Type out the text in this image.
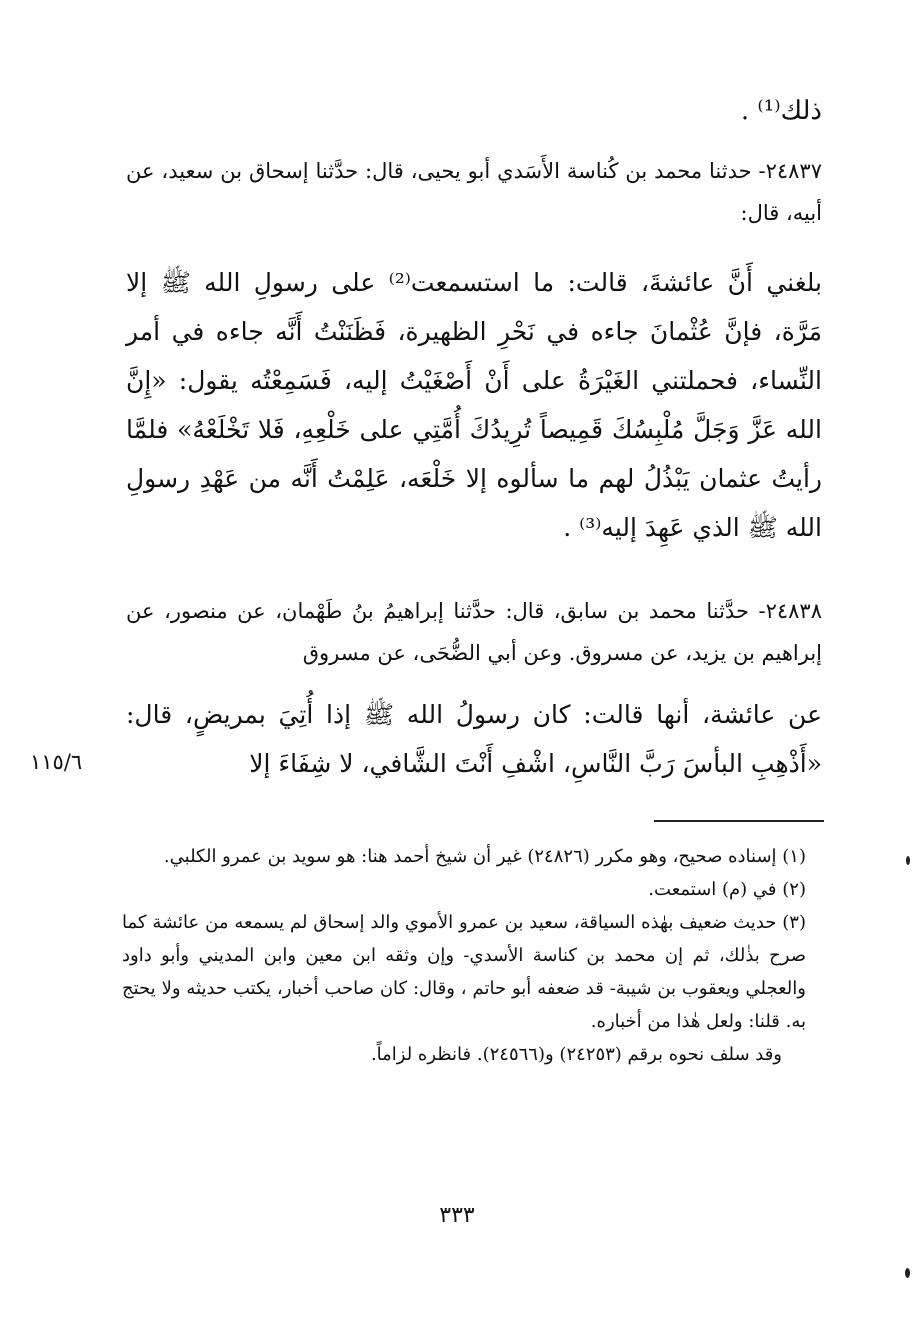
ذلك⁽¹⁾ .

٢٤٨٣٧- حدثنا محمد بن كُناسة الأَسَدي أبو يحيى، قال: حدَّثنا إسحاق بن سعيد، عن أبيه، قال:

بلغني أَنَّ عائشةَ، قالت: ما استسمعت⁽²⁾ على رسولِ الله ﷺ إلا مَرَّة، فإنَّ عُثْمانَ جاءه في نَحْرِ الظهيرة، فَظَنَنْتُ أَنَّه جاءه في أمر النِّساء، فحملتني الغَيْرَةُ على أَنْ أَصْغَيْتُ إليه، فَسَمِعْتُه يقول: «إِنَّ الله عَزَّ وَجَلَّ مُلْبِسُكَ قَمِيصاً تُرِيدُكَ أُمَّتِي على خَلْعِهِ، فَلا تَخْلَعْهُ» فلمَّا رأيتُ عثمان يَبْذُلُ لهم ما سألوه إلا خَلْعَه، عَلِمْتُ أَنَّه من عَهْدِ رسولِ الله ﷺ الذي عَهِدَ إليه⁽³⁾ .

٢٤٨٣٨- حدَّثنا محمد بن سابق، قال: حدَّثنا إبراهيمُ بنُ طَهْمان، عن منصور، عن إبراهيم بن يزيد، عن مسروق. وعن أبي الضُّحَى، عن مسروق

عن عائشة، أنها قالت: كان رسولُ الله ﷺ إذا أُتِيَ بمريضٍ، قال: «أَذْهِبِ البأسَ رَبَّ النَّاسِ، اشْفِ أَنْتَ الشَّافي، لا شِفَاءَ إلا

١١٥/٦

(١) إسناده صحيح، وهو مكرر (٢٤٨٢٦) غير أن شيخ أحمد هنا: هو سويد بن عمرو الكلبي.

(٢) في (م) استمعت.

(٣) حديث ضعيف بهٰذه السياقة، سعيد بن عمرو الأموي والد إسحاق لم يسمعه من عائشة كما صرح بذٰلك، ثم إن محمد بن كناسة الأسدي- وإن وثقه ابن معين وابن المديني وأبو داود والعجلي ويعقوب بن شيبة- قد ضعفه أبو حاتم ، وقال: كان صاحب أخبار، يكتب حديثه ولا يحتج به. قلنا: ولعل هٰذا من أخباره.

وقد سلف نحوه برقم (٢٤٢٥٣) و(٢٤٥٦٦). فانظره لزاماً.

٣٣٣
